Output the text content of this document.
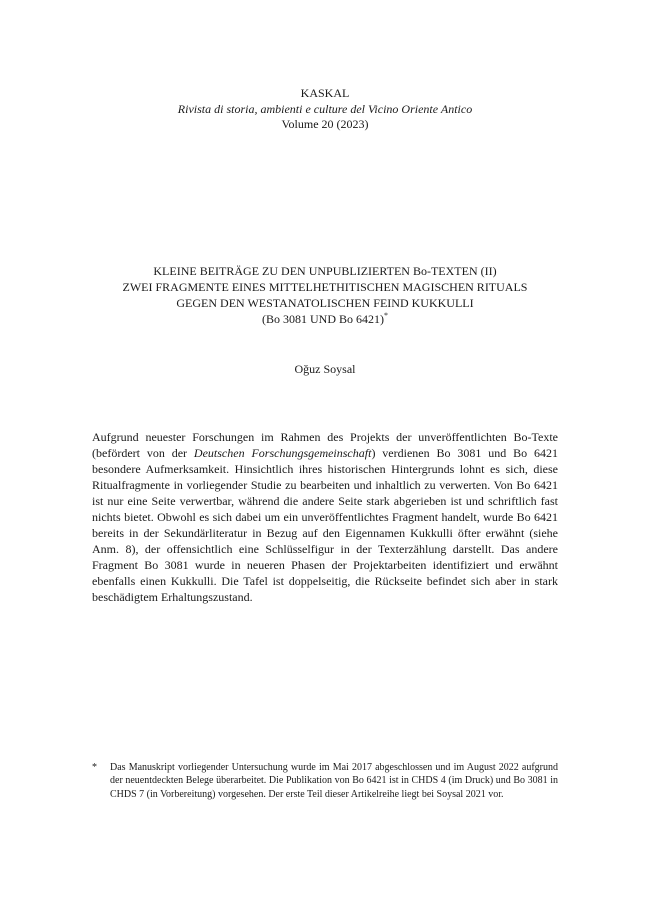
KASKAL
Rivista di storia, ambienti e culture del Vicino Oriente Antico
Volume 20 (2023)
KLEINE BEITRÄGE ZU DEN UNPUBLIZIERTEN Bo-TEXTEN (II)
ZWEI FRAGMENTE EINES MITTELHETHITISCHEN MAGISCHEN RITUALS
GEGEN DEN WESTANATOLISCHEN FEIND KUKKULLI
(Bo 3081 UND Bo 6421)*
Oğuz Soysal
Aufgrund neuester Forschungen im Rahmen des Projekts der unveröffentlichten Bo-Texte (befördert von der Deutschen Forschungsgemeinschaft) verdienen Bo 3081 und Bo 6421 besondere Aufmerksamkeit. Hinsichtlich ihres historischen Hintergrunds lohnt es sich, diese Ritualfragmente in vorliegender Studie zu bearbeiten und inhaltlich zu verwerten. Von Bo 6421 ist nur eine Seite verwertbar, während die andere Seite stark abgerieben ist und schriftlich fast nichts bietet. Obwohl es sich dabei um ein unveröffentlichtes Fragment handelt, wurde Bo 6421 bereits in der Sekundärliteratur in Bezug auf den Eigennamen Kukkulli öfter erwähnt (siehe Anm. 8), der offensichtlich eine Schlüsselfigur in der Texterzählung darstellt. Das andere Fragment Bo 3081 wurde in neueren Phasen der Projektarbeiten identifiziert und erwähnt ebenfalls einen Kukkulli. Die Tafel ist doppelseitig, die Rückseite befindet sich aber in stark beschädigtem Erhaltungszustand.
*	Das Manuskript vorliegender Untersuchung wurde im Mai 2017 abgeschlossen und im August 2022 aufgrund der neuentdeckten Belege überarbeitet. Die Publikation von Bo 6421 ist in CHDS 4 (im Druck) und Bo 3081 in CHDS 7 (in Vorbereitung) vorgesehen. Der erste Teil dieser Artikelreihe liegt bei Soysal 2021 vor.
